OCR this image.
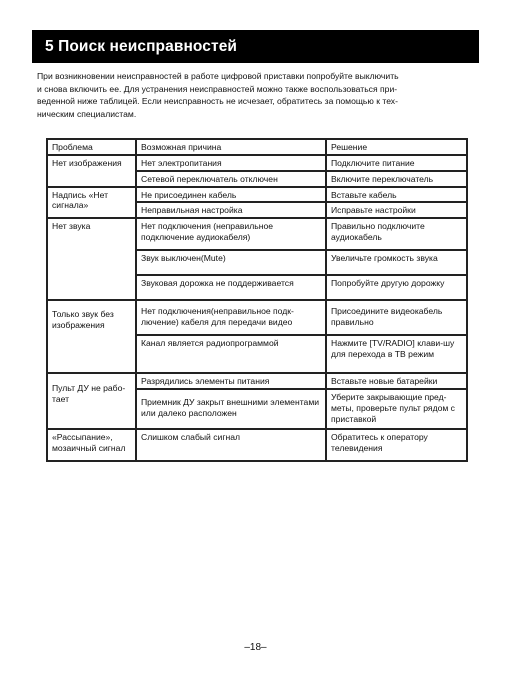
5 Поиск неисправностей

При возникновении неисправностей в работе цифровой приставки попробуйте выключить
и снова включить ее. Для устранения неисправностей можно также воспользоваться при-
веденной ниже таблицей. Если неисправность не исчезает, обратитесь за помощью к тех-
ническим специалистам.

Проблема	Возможная причина	Решение
Нет изображения	Нет электропитания	Подключите питание
	Сетевой переключатель отключен	Включите переключатель
Надпись «Нет сигнала»	Не присоединен кабель	Вставьте кабель
	Неправильная настройка	Исправьте настройки
Нет звука	Нет подключения (неправильное подключение аудиокабеля)	Правильно подключите аудиокабель
	Звук выключен(Mute)	Увеличьте громкость звука
	Звуковая дорожка не поддерживается	Попробуйте другую дорожку
Только звук без изображения	Нет подключения(неправильное подк-лючение) кабеля для передачи видео	Присоедините видеокабель правильно
	Канал является радиопрограммой	Нажмите [TV/RADIO] клави-шу для перехода в ТВ режим
Пульт ДУ не рабо-тает	Разрядились элементы питания	Вставьте новые батарейки
	Приемник ДУ закрыт внешними элементами или далеко расположен	Уберите закрывающие пред-меты, проверьте пульт рядом с приставкой
«Рассыпание», мозаичный сигнал	Слишком слабый сигнал	Обратитесь к оператору телевидения
–18–
